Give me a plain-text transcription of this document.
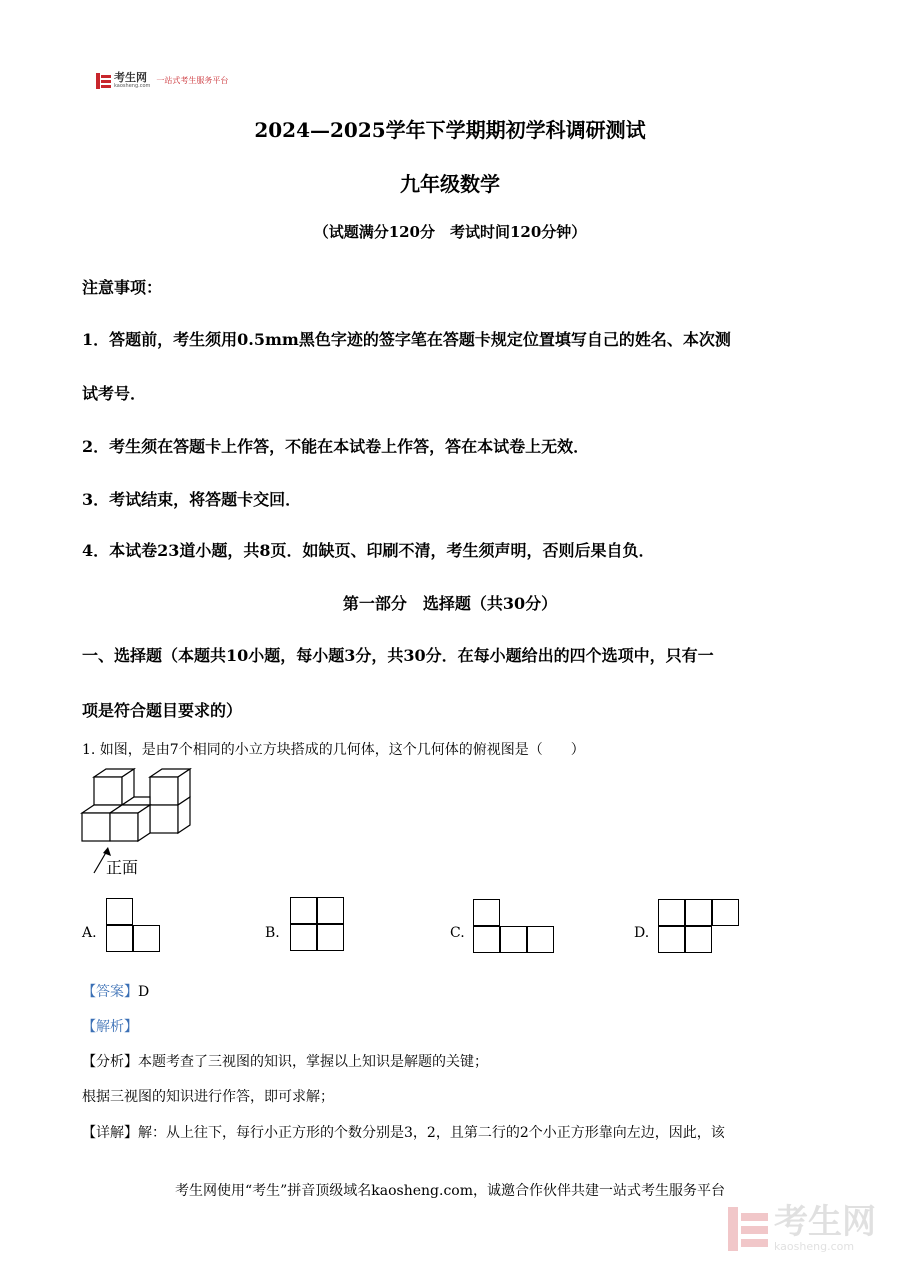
考生网
kaosheng.com
一站式考生服务平台
2024—2025学年下学期期初学科调研测试
九年级数学
（试题满分120分　考试时间120分钟）
注意事项：
1．答题前，考生须用0.5mm黑色字迹的签字笔在答题卡规定位置填写自己的姓名、本次测
试考号．
2．考生须在答题卡上作答，不能在本试卷上作答，答在本试卷上无效．
3．考试结束，将答题卡交回．
4．本试卷23道小题，共8页．如缺页、印刷不清，考生须声明，否则后果自负．
第一部分　选择题（共30分）
一、选择题（本题共10小题，每小题3分，共30分．在每小题给出的四个选项中，只有一
项是符合题目要求的）
1. 如图，是由7个相同的小立方块搭成的几何体，这个几何体的俯视图是（　　）
正面
A.	B.	C.	D.
【答案】D
【解析】
【分析】本题考查了三视图的知识，掌握以上知识是解题的关键；
根据三视图的知识进行作答，即可求解；
【详解】解：从上往下，每行小正方形的个数分别是3，2，且第二行的2个小正方形靠向左边，因此，该
考生网使用“考生”拼音顶级域名kaosheng.com，诚邀合作伙伴共建一站式考生服务平台
考生网
kaosheng.com
